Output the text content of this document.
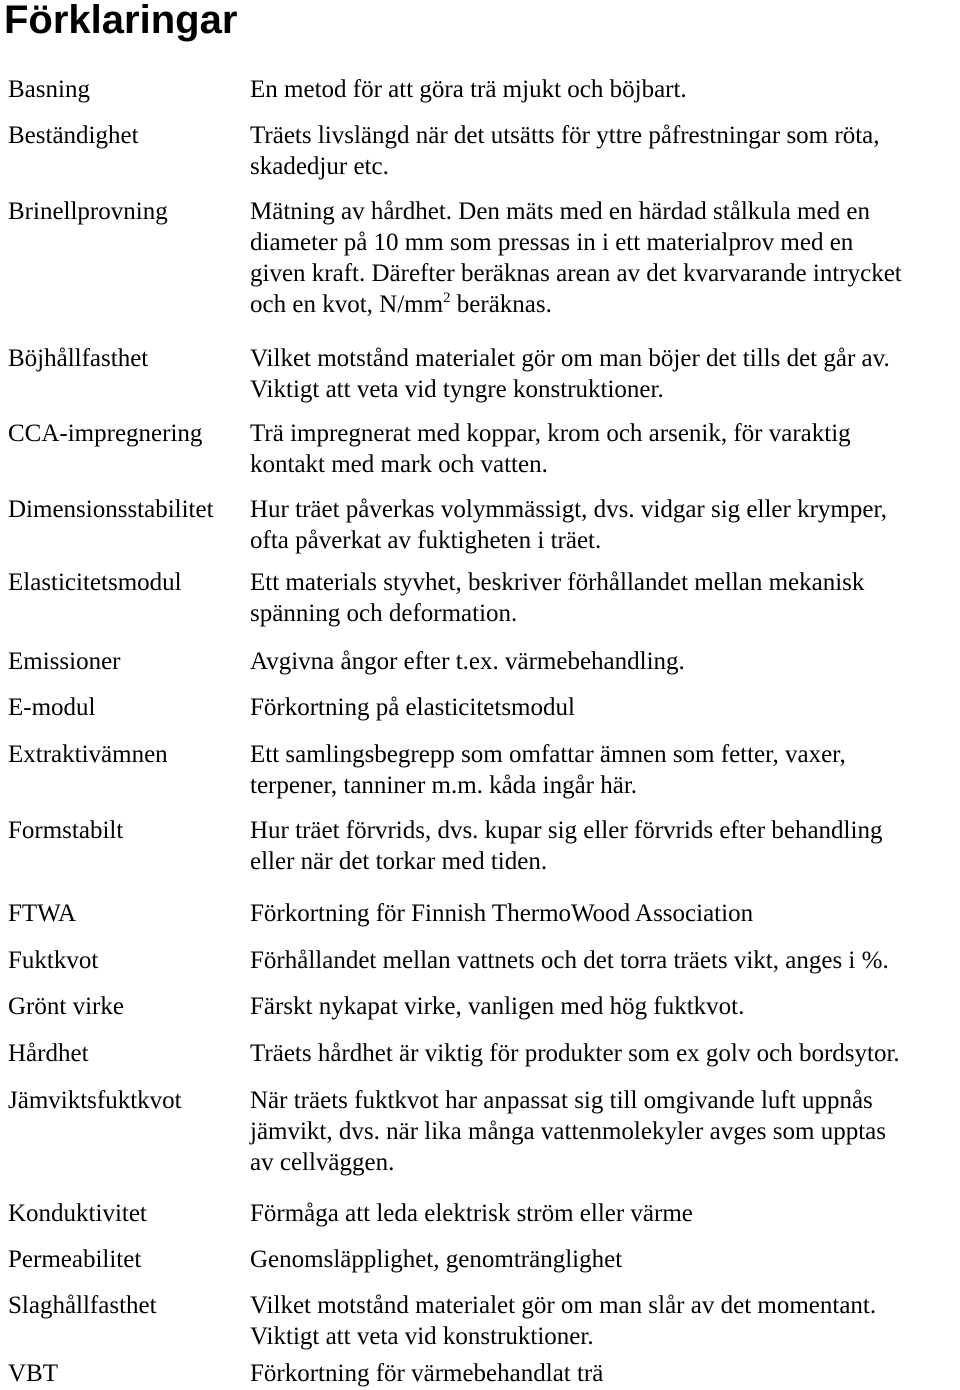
Förklaringar

Basning	En metod för att göra trä mjukt och böjbart.

Beständighet	Träets livslängd när det utsätts för yttre påfrestningar som röta,
skadedjur etc.

Brinellprovning	Mätning av hårdhet. Den mäts med en härdad stålkula med en
diameter på 10 mm som pressas in i ett materialprov med en
given kraft. Därefter beräknas arean av det kvarvarande intrycket
och en kvot, $N/mm^2$ beräknas.

Böjhållfasthet	Vilket motstånd materialet gör om man böjer det tills det går av.
Viktigt att veta vid tyngre konstruktioner.

CCA-impregnering Trä impregnerat med koppar, krom och arsenik, för varaktig
kontakt med mark och vatten.

Dimensionsstabilitet Hur träet påverkas volymmässigt, dvs. vidgar sig eller krymper,
ofta påverkat av fuktigheten i träet.

Elasticitetsmodul	Ett materials styvhet, beskriver förhållandet mellan mekanisk
spänning och deformation.

Emissioner	Avgivna ångor efter t.ex. värmebehandling.

E-modul	Förkortning på elasticitetsmodul

Extraktivämnen	Ett samlingsbegrepp som omfattar ämnen som fetter, vaxer,
terpener, tanniner m.m. kåda ingår här.

Formstabilt	Hur träet förvrids, dvs. kupar sig eller förvrids efter behandling
eller när det torkar med tiden.

FTWA	Förkortning för Finnish ThermoWood Association

Fuktkvot	Förhållandet mellan vattnets och det torra träets vikt, anges i %.

Grönt virke	Färskt nykapat virke, vanligen med hög fuktkvot.

Hårdhet	Träets hårdhet är viktig för produkter som ex golv och bordsytor.

Jämviktsfuktkvot	När träets fuktkvot har anpassat sig till omgivande luft uppnås
jämvikt, dvs. när lika många vattenmolekyler avges som upptas
av cellväggen.

Konduktivitet	Förmåga att leda elektrisk ström eller värme

Permeabilitet	Genomsläpplighet, genomtränglighet

Slaghållfasthet	Vilket motstånd materialet gör om man slår av det momentant.
Viktigt att veta vid konstruktioner.

VBT	Förkortning för värmebehandlat trä
